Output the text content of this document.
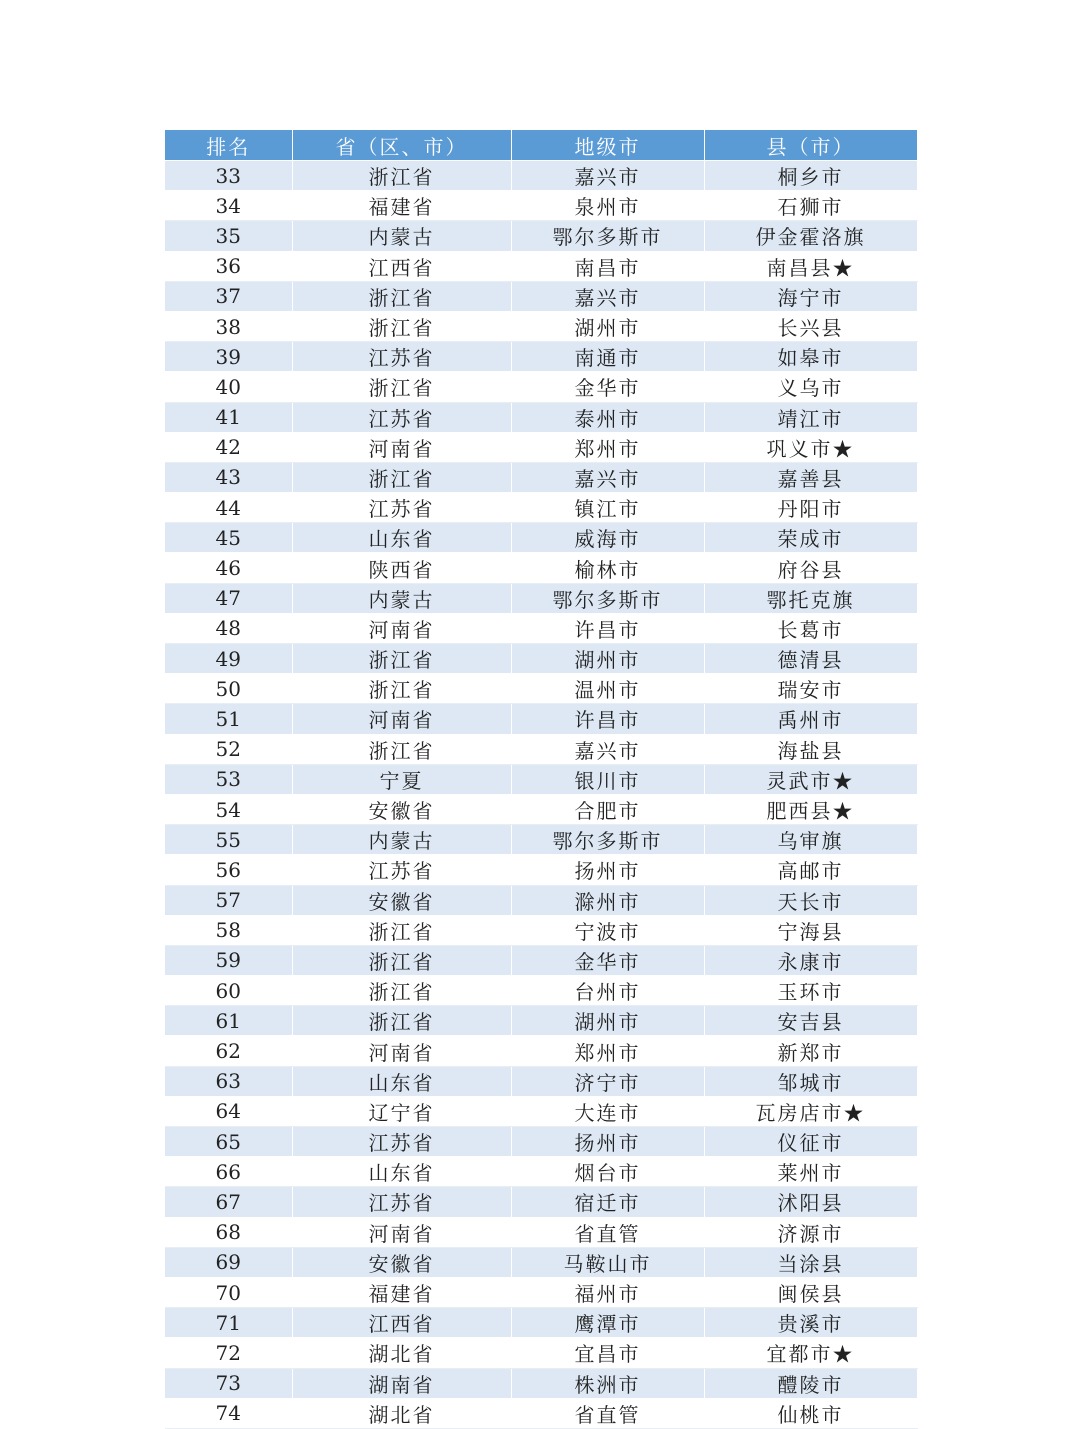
排名	省（区、市）	地级市	县（市）
33	浙江省	嘉兴市	桐乡市
34	福建省	泉州市	石狮市
35	内蒙古	鄂尔多斯市	伊金霍洛旗
36	江西省	南昌市	南昌县★
37	浙江省	嘉兴市	海宁市
38	浙江省	湖州市	长兴县
39	江苏省	南通市	如皋市
40	浙江省	金华市	义乌市
41	江苏省	泰州市	靖江市
42	河南省	郑州市	巩义市★
43	浙江省	嘉兴市	嘉善县
44	江苏省	镇江市	丹阳市
45	山东省	威海市	荣成市
46	陕西省	榆林市	府谷县
47	内蒙古	鄂尔多斯市	鄂托克旗
48	河南省	许昌市	长葛市
49	浙江省	湖州市	德清县
50	浙江省	温州市	瑞安市
51	河南省	许昌市	禹州市
52	浙江省	嘉兴市	海盐县
53	宁夏	银川市	灵武市★
54	安徽省	合肥市	肥西县★
55	内蒙古	鄂尔多斯市	乌审旗
56	江苏省	扬州市	高邮市
57	安徽省	滁州市	天长市
58	浙江省	宁波市	宁海县
59	浙江省	金华市	永康市
60	浙江省	台州市	玉环市
61	浙江省	湖州市	安吉县
62	河南省	郑州市	新郑市
63	山东省	济宁市	邹城市
64	辽宁省	大连市	瓦房店市★
65	江苏省	扬州市	仪征市
66	山东省	烟台市	莱州市
67	江苏省	宿迁市	沭阳县
68	河南省	省直管	济源市
69	安徽省	马鞍山市	当涂县
70	福建省	福州市	闽侯县
71	江西省	鹰潭市	贵溪市
72	湖北省	宜昌市	宜都市★
73	湖南省	株洲市	醴陵市
74	湖北省	省直管	仙桃市
